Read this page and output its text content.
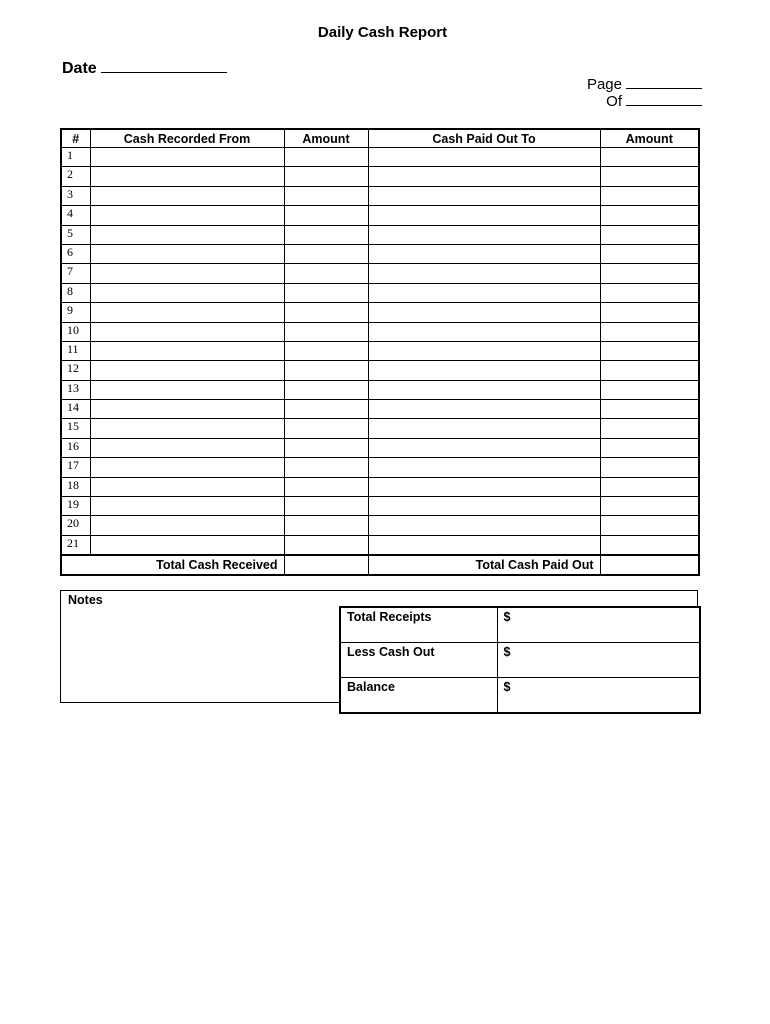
Daily Cash Report
Date
Page
Of
#	Cash Recorded From	Amount	Cash Paid Out To	Amount
1				
2				
3				
4				
5				
6				
7				
8				
9				
10				
11				
12				
13				
14				
15				
16				
17				
18				
19				
20				
21				
Total Cash Received			Total Cash Paid Out	
Notes
Total Receipts	$
Less Cash Out	$
Balance	$
